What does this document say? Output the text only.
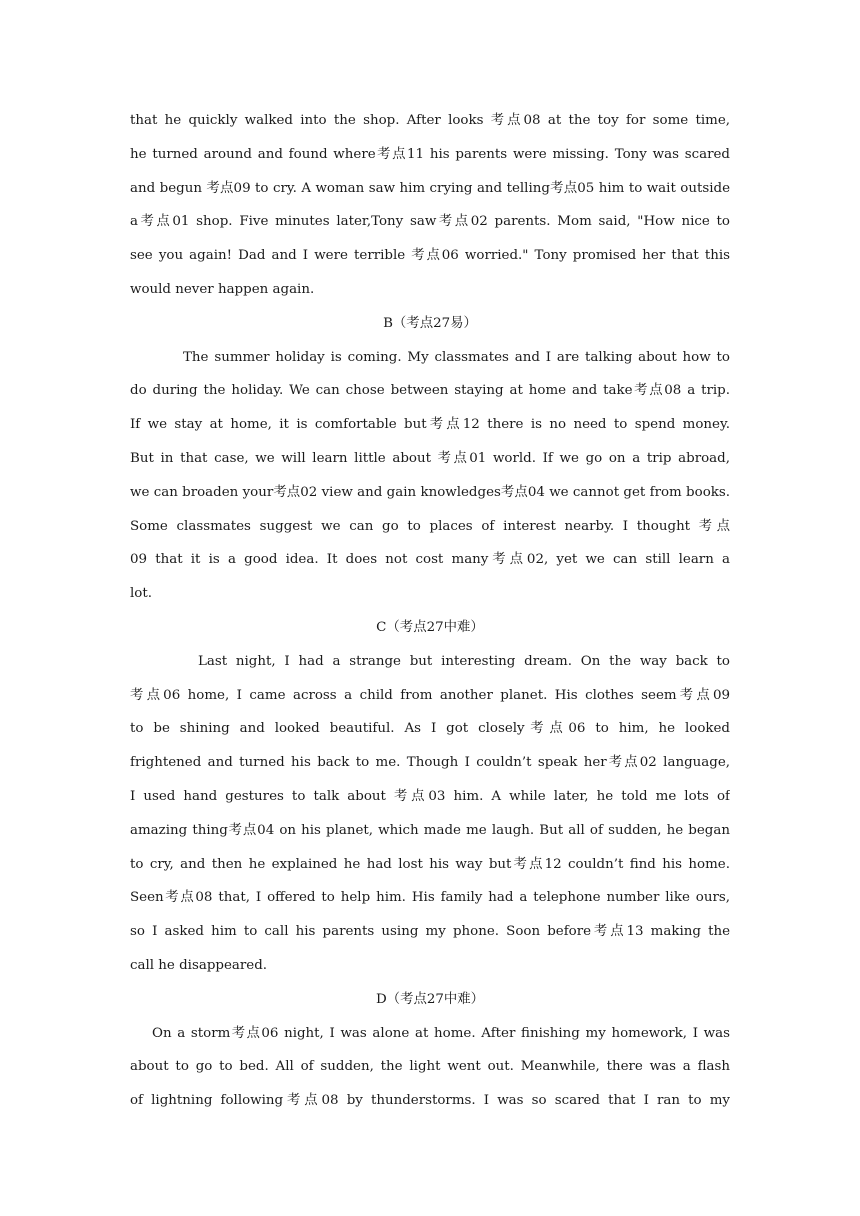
that he quickly walked into the shop. After looks 考点08 at the toy for some time,
he turned around and found where考点11 his parents were missing. Tony was scared
and begun 考点09 to cry. A woman saw him crying and telling考点05 him to wait outside
a考点01 shop. Five minutes later,Tony saw考点02 parents. Mom said, "How nice to
see you again! Dad and I were terrible 考点06 worried." Tony promised her that this
would never happen again.
B（考点27易）
The summer holiday is coming. My classmates and I are talking about how to
do during the holiday. We can chose between staying at home and take考点08 a trip.
If we stay at home, it is comfortable but考点12 there is no need to spend money.
But in that case, we will learn little about 考点01 world. If we go on a trip abroad,
we can broaden your考点02 view and gain knowledges考点04 we cannot get from books.
Some classmates suggest we can go to places of interest nearby. I thought 考点
09 that it is a good idea. It does not cost many考点02, yet we can still learn a
lot.
C（考点27中难）
Last night, I had a strange but interesting dream. On the way back to
考点06 home, I came across a child from another planet. His clothes seem考点09
to be shining and looked beautiful. As I got closely考点06 to him, he looked
frightened and turned his back to me. Though I couldn’t speak her考点02 language,
I used hand gestures to talk about 考点03 him. A while later, he told me lots of
amazing thing考点04 on his planet, which made me laugh. But all of sudden, he began
to cry, and then he explained he had lost his way but考点12 couldn’t find his home.
Seen考点08 that, I offered to help him. His family had a telephone number like ours,
so I asked him to call his parents using my phone. Soon before考点13 making the
call he disappeared.
D（考点27中难）
On a storm考点06 night, I was alone at home. After finishing my homework, I was
about to go to bed. All of sudden, the light went out. Meanwhile, there was a flash
of lightning following考点08 by thunderstorms. I was so scared that I ran to my
